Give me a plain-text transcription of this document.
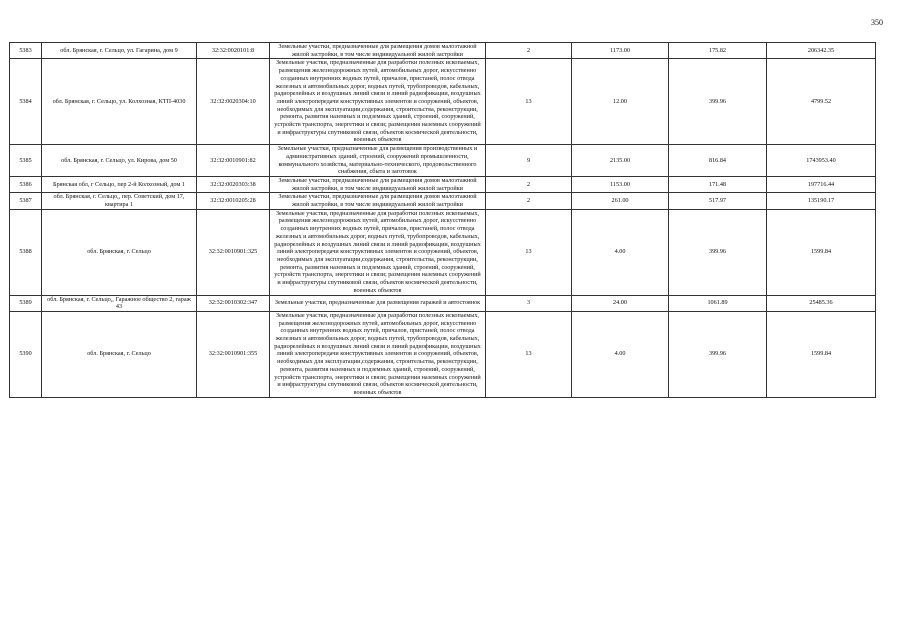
350
5383	обл. Брянская, г. Сельцо, ул. Гагарина, дом 9	32:32:0020101:8	Земельные участки, предназначенные для размещения домов малоэтажной жилой застройки, в том числе индивидуальной жилой застройки	2	1173.00	175.82	206342.35
5384	обл. Брянская, г. Сельцо, ул. Колхозная, КТП-4030	32:32:0020304:10	Земельные участки, предназначенные для разработки полезных ископаемых, размещения железнодорожных путей, автомобильных дорог, искусственно созданных внутренних водных путей, причалов, пристаней, полос отвода железных и автомобильных дорог, водных путей, трубопроводов, кабельных, радиорелейных и воздушных линий связи и линий радиофикации, воздушных линий электропередачи конструктивных элементов и сооружений, объектов, необходимых для эксплуатации,содержания, строительства, реконструкции, ремонта, развития наземных и подземных зданий, строений, сооружений, устройств транспорта, энергетики и связи; размещения наземных сооружений и инфраструктуры спутниковой связи, объектов космической деятельности, военных объектов	13	12.00	399.96	4799.52
5385	обл. Брянская, г. Сельцо, ул. Кирова, дом 50	32:32:0010901:82	Земельные участки, предназначенные для размещения производственных и административных зданий, строений, сооружений промышленности, коммунального хозяйства, материально-технического, продовольственного снабжения, сбыта и заготовок	9	2135.00	816.84	1743953.40
5386	Брянская обл, г Сельцо, пер 2-й Колхозный, дом 1	32:32:0020303:38	Земельные участки, предназначенные для размещения домов малоэтажной жилой застройки, в том числе индивидуальной жилой застройки	2	1153.00	171.48	197716.44
5387	обл. Брянская, г. Сельцо,, пер. Советский, дом 17, квартира 1	32:32:0010205:28	Земельные участки, предназначенные для размещения домов малоэтажной жилой застройки, в том числе индивидуальной жилой застройки	2	261.00	517.97	135190.17
5388	обл. Брянская, г. Сельцо	32:32:0010901:325	Земельные участки, предназначенные для разработки полезных ископаемых, размещения железнодорожных путей, автомобильных дорог, искусственно созданных внутренних водных путей, причалов, пристаней, полос отвода железных и автомобильных дорог, водных путей, трубопроводов, кабельных, радиорелейных и воздушных линий связи и линий радиофикации, воздушных линий электропередачи конструктивных элементов и сооружений, объектов, необходимых для эксплуатации,содержания, строительства, реконструкции, ремонта, развития наземных и подземных зданий, строений, сооружений, устройств транспорта, энергетики и связи; размещения наземных сооружений и инфраструктуры спутниковой связи, объектов космической деятельности, военных объектов	13	4.00	399.96	1599.84
5389	обл. Брянская, г. Сельцо,, Гаражное общество 2, гараж 43	32:32:0010302:347	Земельные участки, предназначенные для размещения гаражей и автостоянок	3	24.00	1061.89	25485.36
5390	обл. Брянская, г. Сельцо	32:32:0010901:355	Земельные участки, предназначенные для разработки полезных ископаемых, размещения железнодорожных путей, автомобильных дорог, искусственно созданных внутренних водных путей, причалов, пристаней, полос отвода железных и автомобильных дорог, водных путей, трубопроводов, кабельных, радиорелейных и воздушных линий связи и линий радиофикации, воздушных линий электропередачи конструктивных элементов и сооружений, объектов, необходимых для эксплуатации,содержания, строительства, реконструкции, ремонта, развития наземных и подземных зданий, строений, сооружений, устройств транспорта, энергетики и связи; размещения наземных сооружений и инфраструктуры спутниковой связи, объектов космической деятельности, военных объектов	13	4.00	399.96	1599.84
